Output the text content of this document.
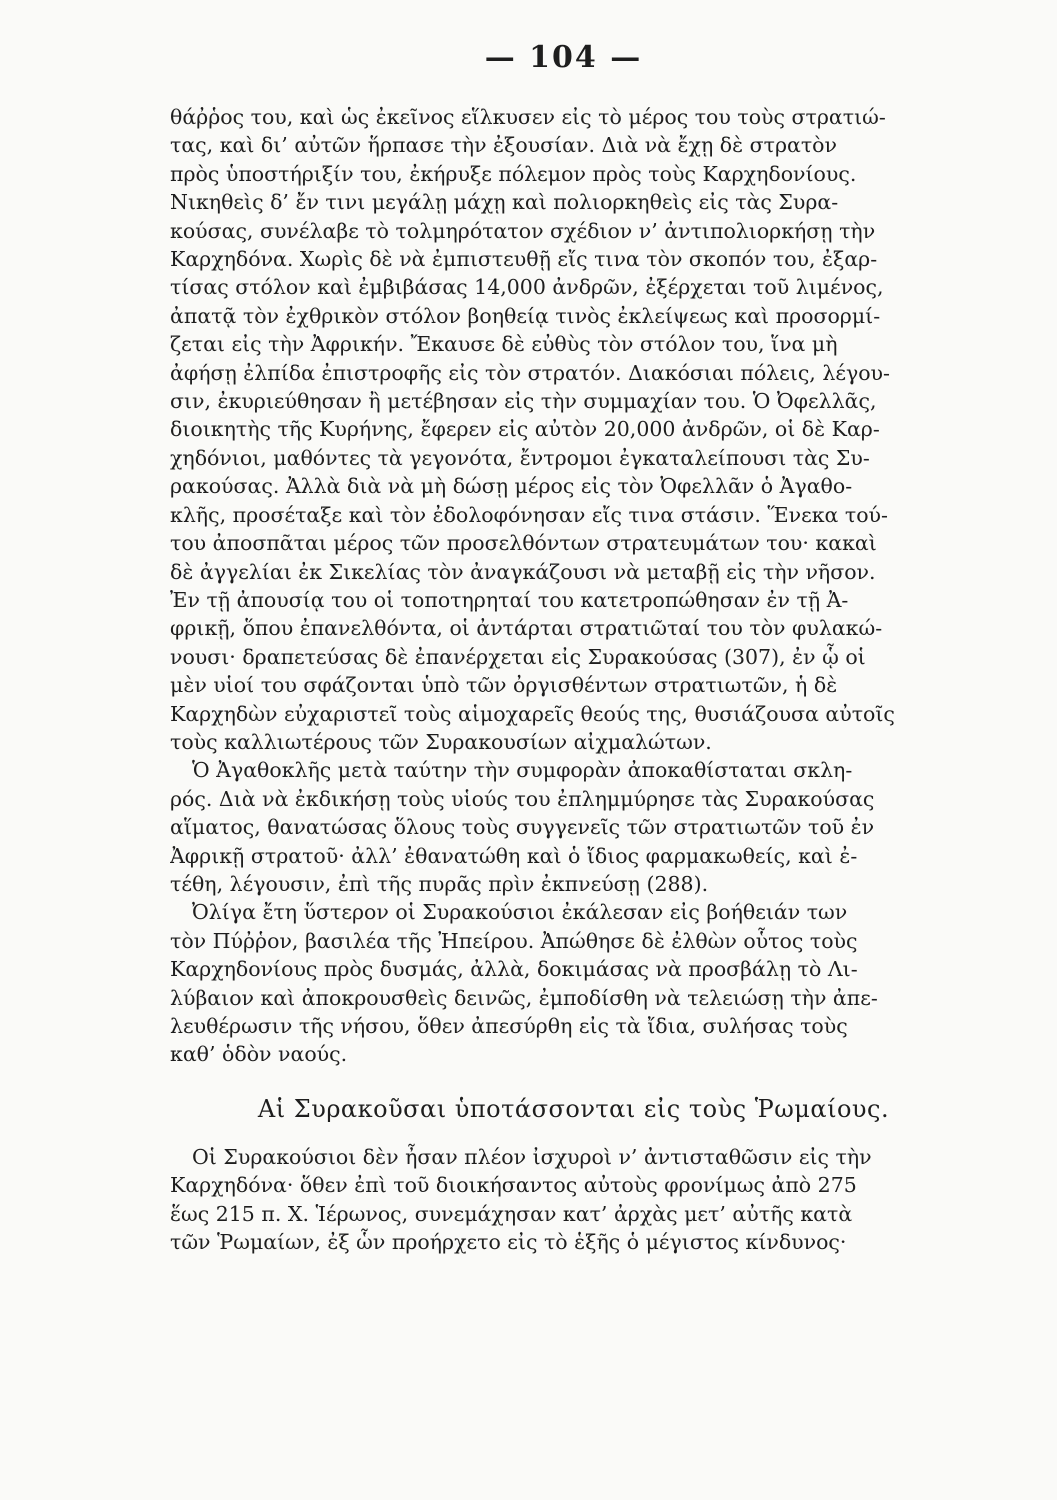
— 104 —

θάῤῥος του, καὶ ὡς ἐκεῖνος εἵλκυσεν εἰς τὸ μέρος του τοὺς στρατιώ-
τας, καὶ δι’ αὐτῶν ἥρπασε τὴν ἐξουσίαν. Διὰ νὰ ἔχῃ δὲ στρατὸν
πρὸς ὑποστήριξίν του, ἐκήρυξε πόλεμον πρὸς τοὺς Καρχηδονίους.
Νικηθεὶς δ’ ἔν τινι μεγάλῃ μάχῃ καὶ πολιορκηθεὶς εἰς τὰς Συρα-
κούσας, συνέλαβε τὸ τολμηρότατον σχέδιον ν’ ἀντιπολιορκήσῃ τὴν
Καρχηδόνα. Χωρὶς δὲ νὰ ἐμπιστευθῇ εἴς τινα τὸν σκοπόν του, ἐξαρ-
τίσας στόλον καὶ ἐμβιβάσας 14,000 ἀνδρῶν, ἐξέρχεται τοῦ λιμένος,
ἀπατᾷ τὸν ἐχθρικὸν στόλον βοηθείᾳ τινὸς ἐκλείψεως καὶ προσορμί-
ζεται εἰς τὴν Ἀφρικήν. Ἔκαυσε δὲ εὐθὺς τὸν στόλον του, ἵνα μὴ
ἀφήσῃ ἐλπίδα ἐπιστροφῆς εἰς τὸν στρατόν. Διακόσιαι πόλεις, λέγου-
σιν, ἐκυριεύθησαν ἢ μετέβησαν εἰς τὴν συμμαχίαν του. Ὁ Ὀφελλᾶς,
διοικητὴς τῆς Κυρήνης, ἔφερεν εἰς αὐτὸν 20,000 ἀνδρῶν, οἱ δὲ Καρ-
χηδόνιοι, μαθόντες τὰ γεγονότα, ἔντρομοι ἐγκαταλείπουσι τὰς Συ-
ρακούσας. Ἀλλὰ διὰ νὰ μὴ δώσῃ μέρος εἰς τὸν Ὀφελλᾶν ὁ Ἀγαθο-
κλῆς, προσέταξε καὶ τὸν ἐδολοφόνησαν εἴς τινα στάσιν. Ἕνεκα τού-
του ἀποσπᾶται μέρος τῶν προσελθόντων στρατευμάτων του· κακαὶ
δὲ ἀγγελίαι ἐκ Σικελίας τὸν ἀναγκάζουσι νὰ μεταβῇ εἰς τὴν νῆσον.
Ἐν τῇ ἀπουσίᾳ του οἱ τοποτηρηταί του κατετροπώθησαν ἐν τῇ Ἀ-
φρικῇ, ὅπου ἐπανελθόντα, οἱ ἀντάρται στρατιῶταί του τὸν φυλακώ-
νουσι· δραπετεύσας δὲ ἐπανέρχεται εἰς Συρακούσας (307), ἐν ᾧ οἱ
μὲν υἱοί του σφάζονται ὑπὸ τῶν ὀργισθέντων στρατιωτῶν, ἡ δὲ
Καρχηδὼν εὐχαριστεῖ τοὺς αἱμοχαρεῖς θεούς της, θυσιάζουσα αὐτοῖς
τοὺς καλλιωτέρους τῶν Συρακουσίων αἰχμαλώτων.

Ὁ Ἀγαθοκλῆς μετὰ ταύτην τὴν συμφορὰν ἀποκαθίσταται σκλη-
ρός. Διὰ νὰ ἐκδικήσῃ τοὺς υἱούς του ἐπλημμύρησε τὰς Συρακούσας
αἵματος, θανατώσας ὅλους τοὺς συγγενεῖς τῶν στρατιωτῶν τοῦ ἐν
Ἀφρικῇ στρατοῦ· ἀλλ’ ἐθανατώθη καὶ ὁ ἴδιος φαρμακωθείς, καὶ ἐ-
τέθη, λέγουσιν, ἐπὶ τῆς πυρᾶς πρὶν ἐκπνεύσῃ (288).

Ὀλίγα ἔτη ὕστερον οἱ Συρακούσιοι ἐκάλεσαν εἰς βοήθειάν των
τὸν Πύῤῥον, βασιλέα τῆς Ἠπείρου. Ἀπώθησε δὲ ἐλθὼν οὗτος τοὺς
Καρχηδονίους πρὸς δυσμάς, ἀλλὰ, δοκιμάσας νὰ προσβάλῃ τὸ Λι-
λύβαιον καὶ ἀποκρουσθεὶς δεινῶς, ἐμποδίσθη νὰ τελειώσῃ τὴν ἀπε-
λευθέρωσιν τῆς νήσου, ὅθεν ἀπεσύρθη εἰς τὰ ἴδια, συλήσας τοὺς
καθ’ ὁδὸν ναούς.

Αἱ Συρακοῦσαι ὑποτάσσονται εἰς τοὺς Ῥωμαίους.

Οἱ Συρακούσιοι δὲν ἦσαν πλέον ἰσχυροὶ ν’ ἀντισταθῶσιν εἰς τὴν
Καρχηδόνα· ὅθεν ἐπὶ τοῦ διοικήσαντος αὐτοὺς φρονίμως ἀπὸ 275
ἕως 215 π. Χ. Ἱέρωνος, συνεμάχησαν κατ’ ἀρχὰς μετ’ αὐτῆς κατὰ
τῶν Ῥωμαίων, ἐξ ὧν προήρχετο εἰς τὸ ἑξῆς ὁ μέγιστος κίνδυνος·
